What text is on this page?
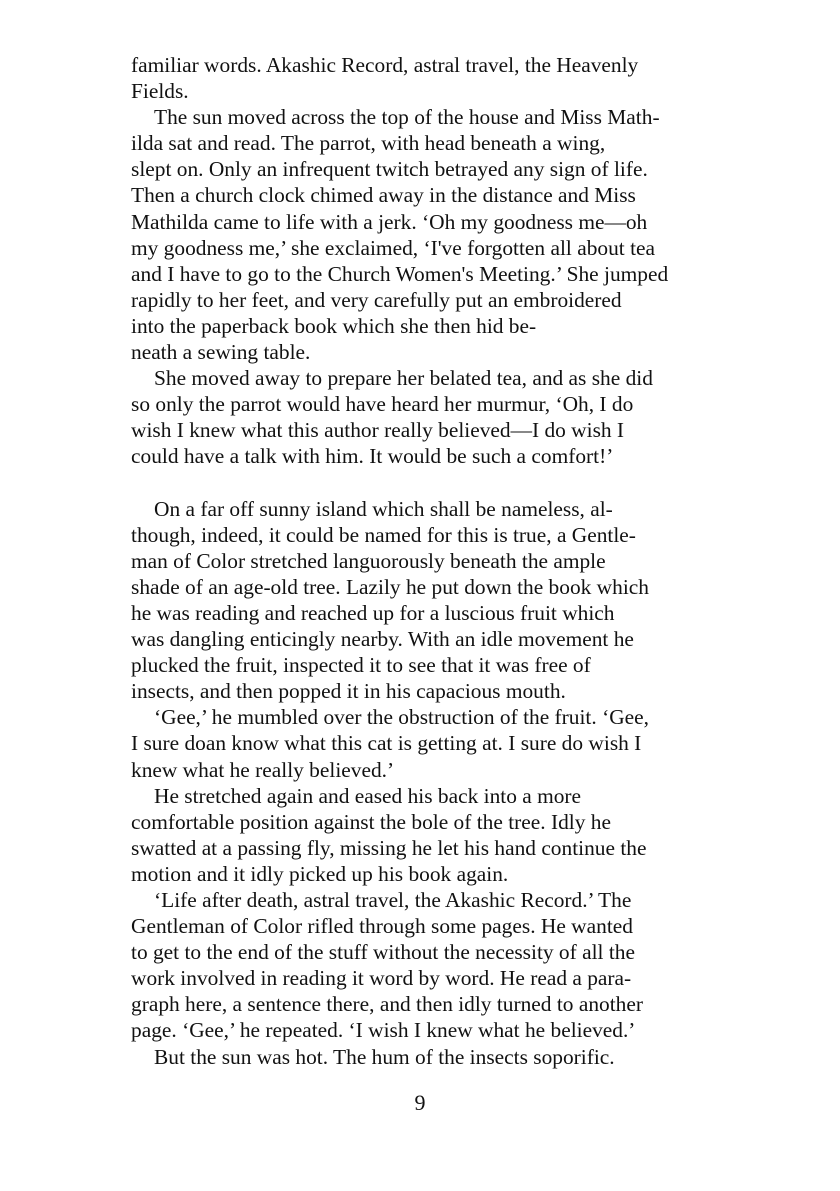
familiar words. Akashic Record, astral travel, the Heavenly
Fields.
The sun moved across the top of the house and Miss Math-
ilda sat and read. The parrot, with head beneath a wing,
slept on. Only an infrequent twitch betrayed any sign of life.
Then a church clock chimed away in the distance and Miss
Mathilda came to life with a jerk. ‘Oh my goodness me—oh
my goodness me,’ she exclaimed, ‘I've forgotten all about tea
and I have to go to the Church Women's Meeting.’ She jumped
rapidly to her feet, and very carefully put an embroidered
into the paperback book which she then hid be-
neath a sewing table.
She moved away to prepare her belated tea, and as she did
so only the parrot would have heard her murmur, ‘Oh, I do
wish I knew what this author really believed—I do wish I
could have a talk with him. It would be such a comfort!’
On a far off sunny island which shall be nameless, al-
though, indeed, it could be named for this is true, a Gentle-
man of Color stretched languorously beneath the ample
shade of an age-old tree. Lazily he put down the book which
he was reading and reached up for a luscious fruit which
was dangling enticingly nearby. With an idle movement he
plucked the fruit, inspected it to see that it was free of
insects, and then popped it in his capacious mouth.
‘Gee,’ he mumbled over the obstruction of the fruit. ‘Gee,
I sure doan know what this cat is getting at. I sure do wish I
knew what he really believed.’
He stretched again and eased his back into a more
comfortable position against the bole of the tree. Idly he
swatted at a passing fly, missing he let his hand continue the
motion and it idly picked up his book again.
‘Life after death, astral travel, the Akashic Record.’ The
Gentleman of Color rifled through some pages. He wanted
to get to the end of the stuff without the necessity of all the
work involved in reading it word by word. He read a para-
graph here, a sentence there, and then idly turned to another
page. ‘Gee,’ he repeated. ‘I wish I knew what he believed.’
But the sun was hot. The hum of the insects soporific.
9
